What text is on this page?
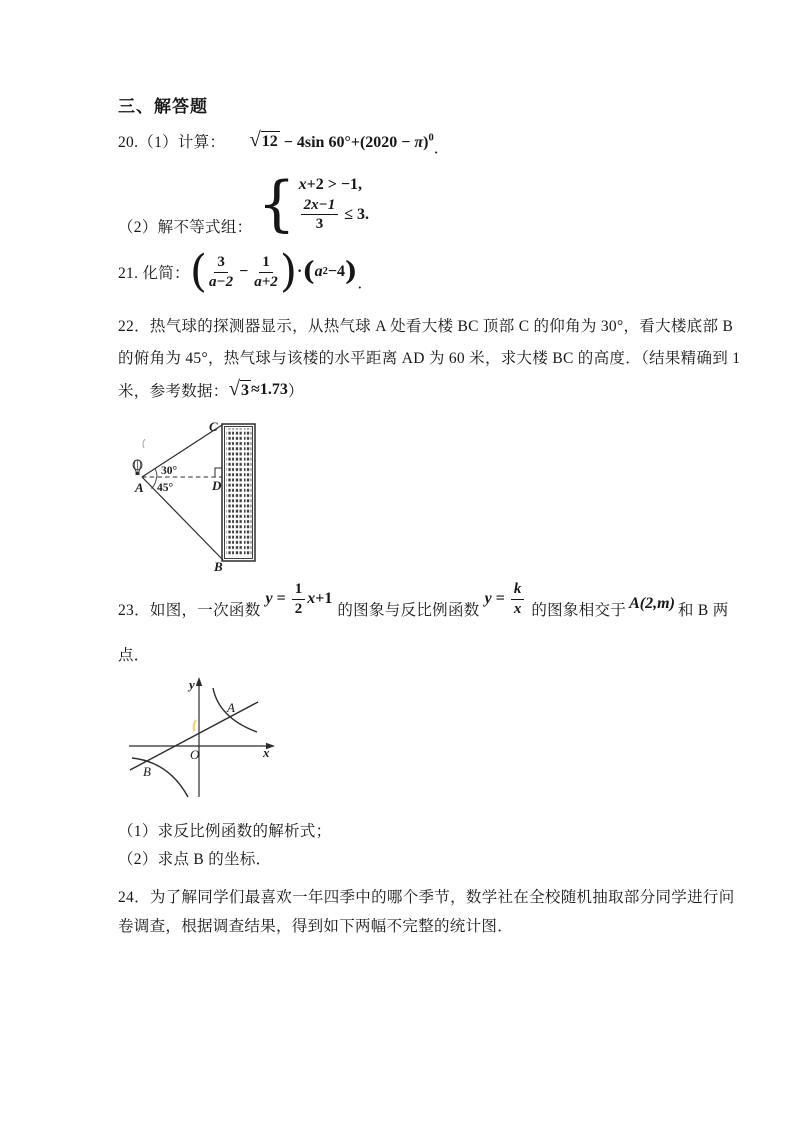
三、解答题
20.（1）计算：

√ 12 − 4sin $60^\circ+(2020 - \pi)^0$

．
（2）解不等式组： { x +2 > −1,
$\frac{2x-1}{3} \le 3$.
21. 化简： ( $\frac{3}{a-2} - \frac{1}{a+2}$ ) · ( a 2 −4 ) ．
22．热气球的探测器显示，从热气球 A 处看大楼 BC 顶部 C 的仰角为 30°，看大楼底部 B
的俯角为 45°，热气球与该楼的水平距离 AD 为 60 米，求大楼 BC 的高度．（结果精确到 1
米，参考数据： √ 3 ≈1.73 ）
C
A	D
B
30°
45°
23．如图，一次函数
$y = \frac{1}{2}$ x +1
的图象与反比例函数
$y = \frac{k}{x}$ 的图象相交于 A(2,m) 和 B 两
点．
y
x
O
A
B
（1）求反比例函数的解析式；
（2）求点 B 的坐标．
24．为了解同学们最喜欢一年四季中的哪个季节，数学社在全校随机抽取部分同学进行问
卷调查，根据调查结果，得到如下两幅不完整的统计图．
